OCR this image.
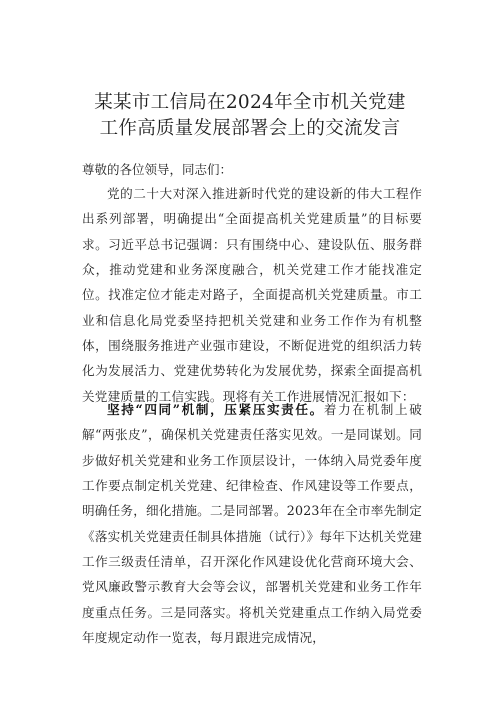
某某市工信局在2024年全市机关党建
工作高质量发展部署会上的交流发言

尊敬的各位领导，同志们：

党的二十大对深入推进新时代党的建设新的伟大工程作出系列部署，明确提出“全面提高机关党建质量”的目标要求。习近平总书记强调：只有围绕中心、建设队伍、服务群众，推动党建和业务深度融合，机关党建工作才能找准定位。找准定位才能走对路子，全面提高机关党建质量。市工业和信息化局党委坚持把机关党建和业务工作作为有机整体，围绕服务推进产业强市建设，不断促进党的组织活力转化为发展活力、党建优势转化为发展优势，探索全面提高机关党建质量的工信实践。现将有关工作进展情况汇报如下：

坚持“四同”机制，压紧压实责任。着力在机制上破解“两张皮”，确保机关党建责任落实见效。一是同谋划。同步做好机关党建和业务工作顶层设计，一体纳入局党委年度工作要点制定机关党建、纪律检查、作风建设等工作要点，明确任务，细化措施。二是同部署。2023年在全市率先制定《落实机关党建责任制具体措施（试行）》每年下达机关党建工作三级责任清单，召开深化作风建设优化营商环境大会、党风廉政警示教育大会等会议，部署机关党建和业务工作年度重点任务。三是同落实。将机关党建重点工作纳入局党委年度规定动作一览表，每月跟进完成情况，
